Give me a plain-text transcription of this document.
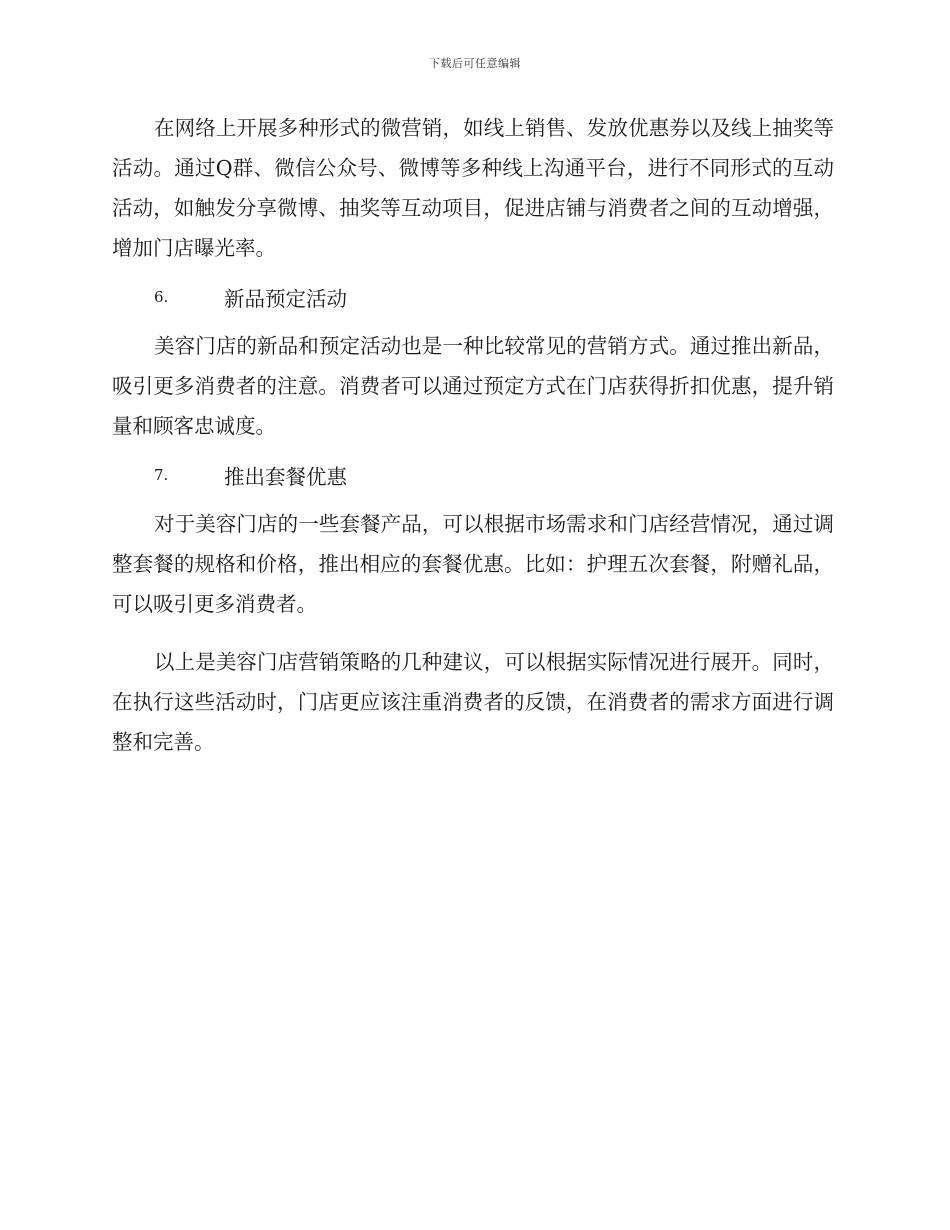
下载后可任意编辑

在网络上开展多种形式的微营销，如线上销售、发放优惠券以及线上抽奖等活动。通过Q群、微信公众号、微博等多种线上沟通平台，进行不同形式的互动活动，如触发分享微博、抽奖等互动项目，促进店铺与消费者之间的互动增强，增加门店曝光率。

6.	新品预定活动

美容门店的新品和预定活动也是一种比较常见的营销方式。通过推出新品，吸引更多消费者的注意。消费者可以通过预定方式在门店获得折扣优惠，提升销量和顾客忠诚度。

7.	推出套餐优惠

对于美容门店的一些套餐产品，可以根据市场需求和门店经营情况，通过调整套餐的规格和价格，推出相应的套餐优惠。比如：护理五次套餐，附赠礼品，可以吸引更多消费者。

以上是美容门店营销策略的几种建议，可以根据实际情况进行展开。同时，在执行这些活动时，门店更应该注重消费者的反馈，在消费者的需求方面进行调整和完善。
